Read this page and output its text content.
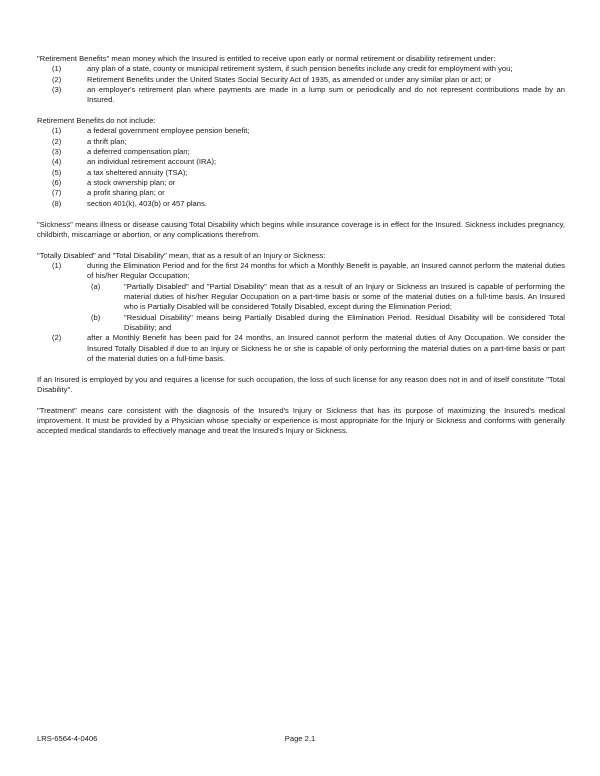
"Retirement Benefits" mean money which the Insured is entitled to receive upon early or normal retirement or disability retirement under:

(1)	any plan of a state, county or municipal retirement system, if such pension benefits include any credit for employment with you;
(2)	Retirement Benefits under the United States Social Security Act of 1935, as amended or under any similar plan or act; or
(3)	an employer's retirement plan where payments are made in a lump sum or periodically and do not represent contributions made by an Insured.

Retirement Benefits do not include:

(1)	a federal government employee pension benefit;
(2)	a thrift plan;
(3)	a deferred compensation plan;
(4)	an individual retirement account (IRA);
(5)	a tax sheltered annuity (TSA);
(6)	a stock ownership plan; or
(7)	a profit sharing plan; or
(8)	section 401(k), 403(b) or 457 plans.

"Sickness" means illness or disease causing Total Disability which begins while insurance coverage is in effect for the Insured. Sickness includes pregnancy, childbirth, miscarriage or abortion, or any complications therefrom.

"Totally Disabled" and "Total Disability" mean, that as a result of an Injury or Sickness:

(1)	during the Elimination Period and for the first 24 months for which a Monthly Benefit is payable, an Insured cannot perform the material duties of his/her Regular Occupation;
(a)	"Partially Disabled" and "Partial Disability" mean that as a result of an Injury or Sickness an Insured is capable of performing the material duties of his/her Regular Occupation on a part-time basis or some of the material duties on a full-time basis. An Insured who is Partially Disabled will be considered Totally Disabled, except during the Elimination Period;
(b)	"Residual Disability" means being Partially Disabled during the Elimination Period. Residual Disability will be considered Total Disability; and
(2)	after a Monthly Benefit has been paid for 24 months, an Insured cannot perform the material duties of Any Occupation. We consider the Insured Totally Disabled if due to an Injury or Sickness he or she is capable of only performing the material duties on a part-time basis or part of the material duties on a full-time basis.

If an Insured is employed by you and requires a license for such occupation, the loss of such license for any reason does not in and of itself constitute "Total Disability".

"Treatment" means care consistent with the diagnosis of the Insured's Injury or Sickness that has its purpose of maximizing the Insured's medical improvement. It must be provided by a Physician whose specialty or experience is most appropriate for the Injury or Sickness and conforms with generally accepted medical standards to effectively manage and treat the Insured's Injury or Sickness.

LRS-6564-4-0406	Page 2.1
